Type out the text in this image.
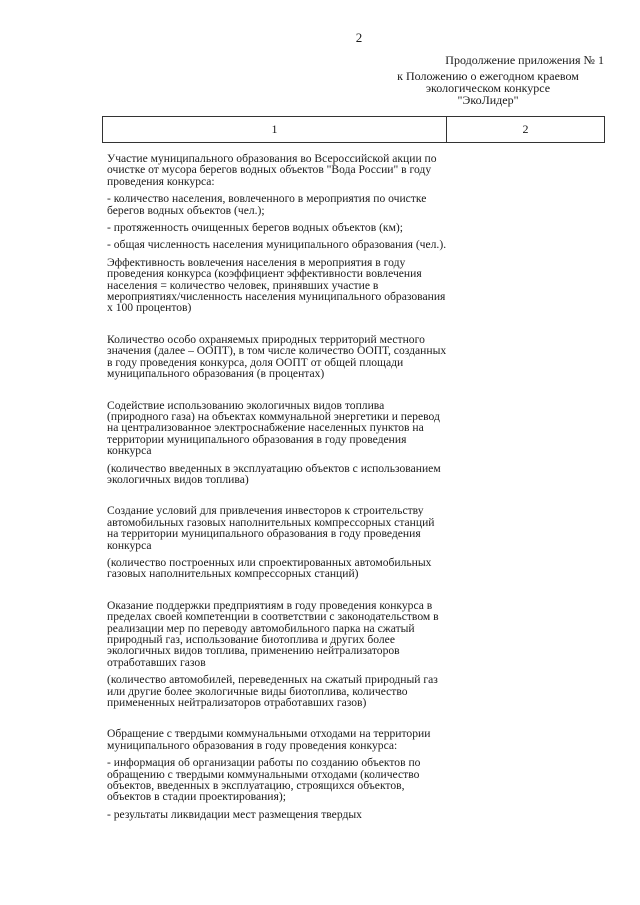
2
Продолжение приложения № 1
к Положению о ежегодном краевом
экологическом конкурсе
"ЭкоЛидер"
1	2

Участие муниципального образования во Всероссийской акции по очистке от мусора берегов водных объектов "Вода России" в году проведения конкурса:

- количество населения, вовлеченного в мероприятия по очистке берегов водных объектов (чел.);

- протяженность очищенных берегов водных объектов (км);

- общая численность населения муниципального образования (чел.).

Эффективность вовлечения населения в мероприятия в году проведения конкурса (коэффициент эффективности вовлечения населения = количество человек, принявших участие в мероприятиях/численность населения муниципального образования x 100 процентов)

Количество особо охраняемых природных территорий местного значения (далее – ООПТ), в том числе количество ООПТ, созданных в году проведения конкурса, доля ООПТ от общей площади муниципального образования (в процентах)

Содействие использованию экологичных видов топлива (природного газа) на объектах коммунальной энергетики и перевод на централизованное электроснабжение населенных пунктов на территории муниципального образования в году проведения конкурса

(количество введенных в эксплуатацию объектов с использованием экологичных видов топлива)

Создание условий для привлечения инвесторов к строительству автомобильных газовых наполнительных компрессорных станций на территории муниципального образования в году проведения конкурса

(количество построенных или спроектированных автомобильных газовых наполнительных компрессорных станций)

Оказание поддержки предприятиям в году проведения конкурса в пределах своей компетенции в соответствии с законодательством в реализации мер по переводу автомобильного парка на сжатый природный газ, использование биотоплива и других более экологичных видов топлива, применению нейтрализаторов отработавших газов

(количество автомобилей, переведенных на сжатый природный газ или другие более экологичные виды биотоплива, количество примененных нейтрализаторов отработавших газов)

Обращение с твердыми коммунальными отходами на территории муниципального образования в году проведения конкурса:

- информация об организации работы по созданию объектов по обращению с твердыми коммунальными отходами (количество объектов, введенных в эксплуатацию, строящихся объектов, объектов в стадии проектирования);

- результаты ликвидации мест размещения твердых
